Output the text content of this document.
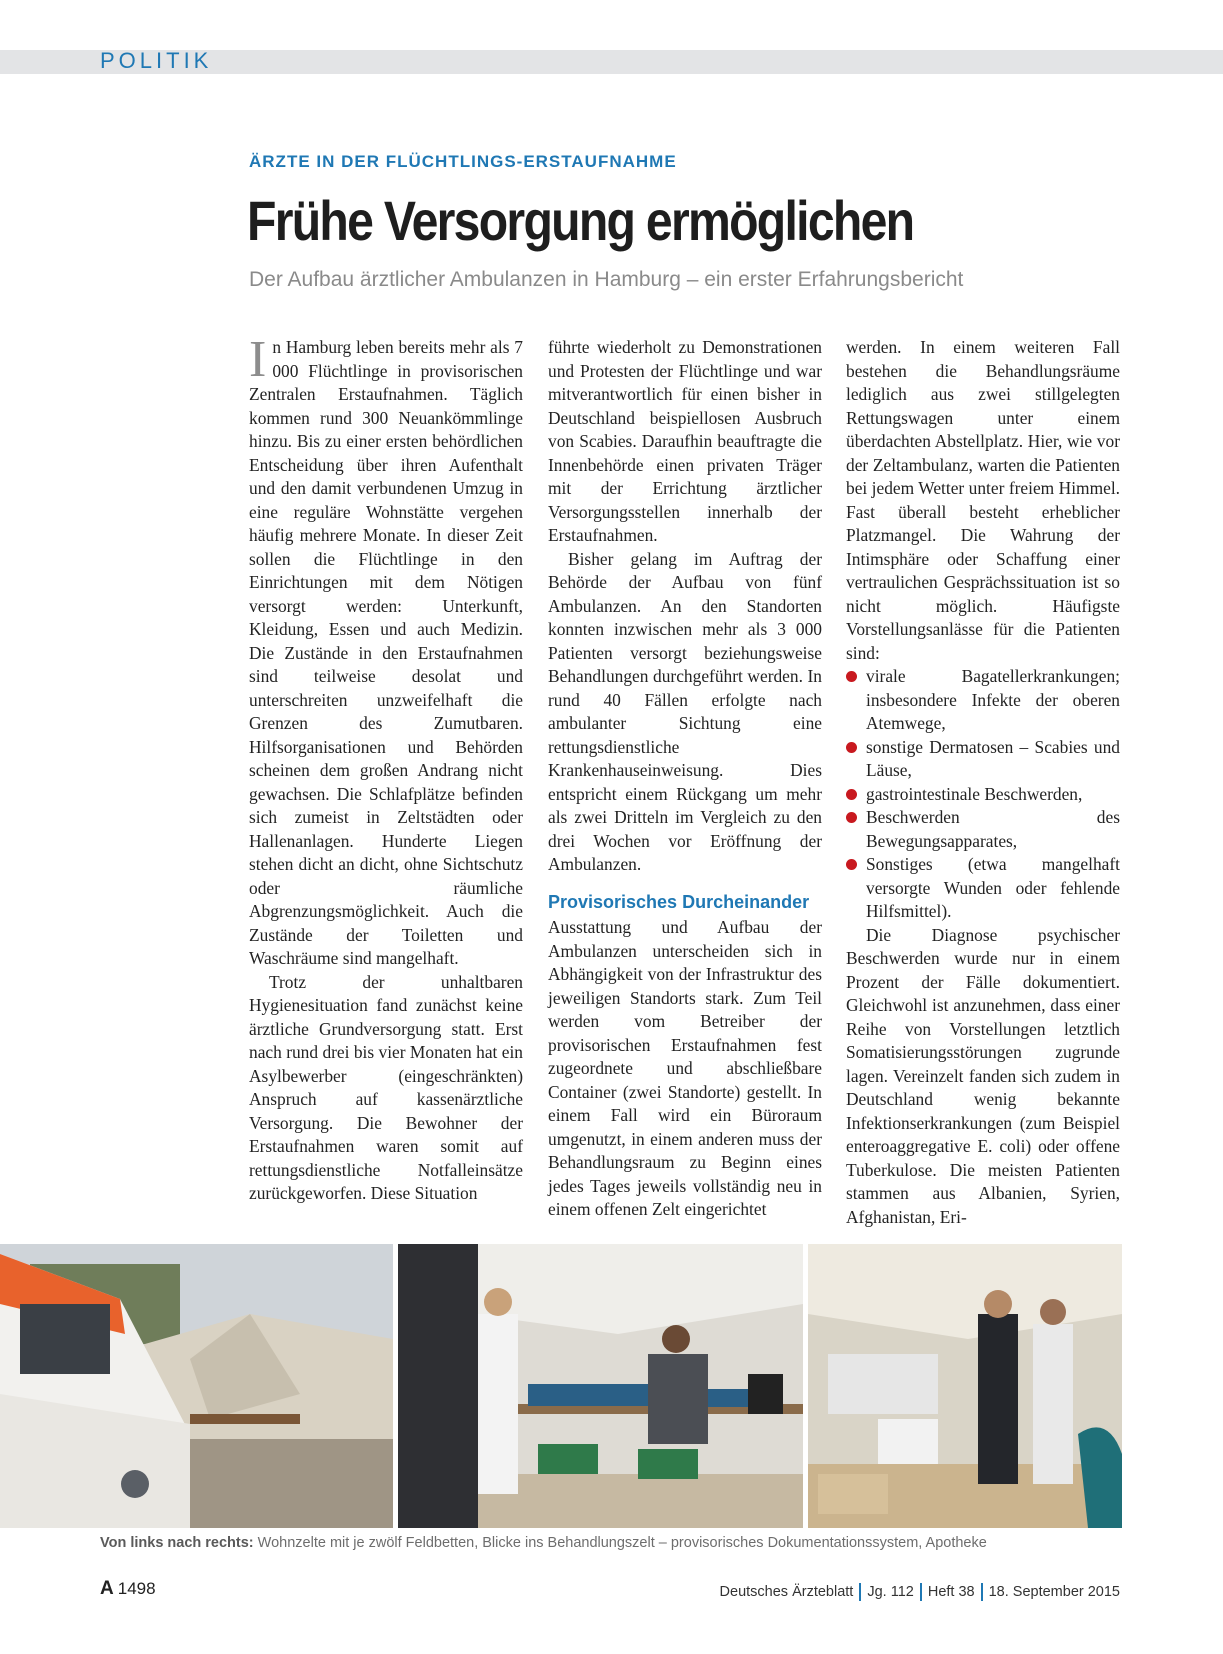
POLITIK
ÄRZTE IN DER FLÜCHTLINGS-ERSTAUFNAHME
Frühe Versorgung ermöglichen
Der Aufbau ärztlicher Ambulanzen in Hamburg – ein erster Erfahrungsbericht

In Hamburg leben bereits mehr als 7 000 Flüchtlinge in provisorischen Zentralen Erstaufnahmen. Täglich kommen rund 300 Neuankömmlinge hinzu. Bis zu einer ersten behördlichen Entscheidung über ihren Aufenthalt und den damit verbundenen Umzug in eine reguläre Wohnstätte vergehen häufig mehrere Monate. In dieser Zeit sollen die Flüchtlinge in den Einrichtungen mit dem Nötigen versorgt werden: Unterkunft, Kleidung, Essen und auch Medizin. Die Zustände in den Erstaufnahmen sind teilweise desolat und unterschreiten unzweifelhaft die Grenzen des Zumutbaren. Hilfsorganisationen und Behörden scheinen dem großen Andrang nicht gewachsen. Die Schlafplätze befinden sich zumeist in Zeltstädten oder Hallenanlagen. Hunderte Liegen stehen dicht an dicht, ohne Sichtschutz oder räumliche Abgrenzungsmöglichkeit. Auch die Zustände der Toiletten und Waschräume sind mangelhaft.

Trotz der unhaltbaren Hygienesituation fand zunächst keine ärztliche Grundversorgung statt. Erst nach rund drei bis vier Monaten hat ein Asylbewerber (eingeschränkten) Anspruch auf kassenärztliche Versorgung. Die Bewohner der Erstaufnahmen waren somit auf rettungsdienstliche Notfalleinsätze zurückgeworfen. Diese Situation

führte wiederholt zu Demonstrationen und Protesten der Flüchtlinge und war mitverantwortlich für einen bisher in Deutschland beispiellosen Ausbruch von Scabies. Daraufhin beauftragte die Innenbehörde einen privaten Träger mit der Errichtung ärztlicher Versorgungsstellen innerhalb der Erstaufnahmen.

Bisher gelang im Auftrag der Behörde der Aufbau von fünf Ambulanzen. An den Standorten konnten inzwischen mehr als 3 000 Patienten versorgt beziehungsweise Behandlungen durchgeführt werden. In rund 40 Fällen erfolgte nach ambulanter Sichtung eine rettungsdienstliche Krankenhauseinweisung. Dies entspricht einem Rückgang um mehr als zwei Dritteln im Vergleich zu den drei Wochen vor Eröffnung der Ambulanzen.

Provisorisches Durcheinander

Ausstattung und Aufbau der Ambulanzen unterscheiden sich in Abhängigkeit von der Infrastruktur des jeweiligen Standorts stark. Zum Teil werden vom Betreiber der provisorischen Erstaufnahmen fest zugeordnete und abschließbare Container (zwei Standorte) gestellt. In einem Fall wird ein Büroraum umgenutzt, in einem anderen muss der Behandlungsraum zu Beginn eines jedes Tages jeweils vollständig neu in einem offenen Zelt eingerichtet

werden. In einem weiteren Fall bestehen die Behandlungsräume lediglich aus zwei stillgelegten Rettungswagen unter einem überdachten Abstellplatz. Hier, wie vor der Zeltambulanz, warten die Patienten bei jedem Wetter unter freiem Himmel. Fast überall besteht erheblicher Platzmangel. Die Wahrung der Intimsphäre oder Schaffung einer vertraulichen Gesprächssituation ist so nicht möglich. Häufigste Vorstellungsanlässe für die Patienten sind:

virale Bagatellerkrankungen; insbesondere Infekte der oberen Atemwege,
sonstige Dermatosen – Scabies und Läuse,
gastrointestinale Beschwerden,
Beschwerden des Bewegungsapparates,
Sonstiges (etwa mangelhaft versorgte Wunden oder fehlende Hilfsmittel).

Die Diagnose psychischer Beschwerden wurde nur in einem Prozent der Fälle dokumentiert. Gleichwohl ist anzunehmen, dass einer Reihe von Vorstellungen letztlich Somatisierungsstörungen zugrunde lagen. Vereinzelt fanden sich zudem in Deutschland wenig bekannte Infektionserkrankungen (zum Beispiel enteroaggregative E. coli) oder offene Tuberkulose. Die meisten Patienten stammen aus Albanien, Syrien, Afghanistan, Eri-

Von links nach rechts: Wohnzelte mit je zwölf Feldbetten, Blicke ins Behandlungszelt – provisorisches Dokumentationssystem, Apotheke
A 1498	Deutsches Ärzteblatt Jg. 112 Heft 38 18. September 2015
